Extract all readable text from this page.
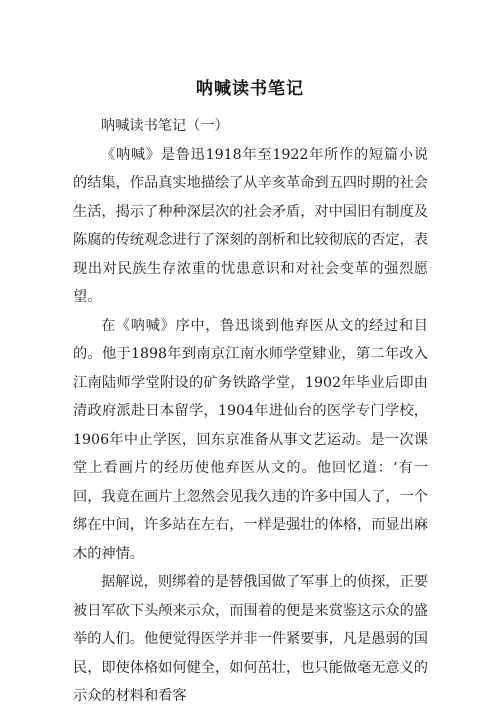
呐喊读书笔记

呐喊读书笔记（一）

《呐喊》是鲁迅1918年至1922年所作的短篇小说的结集，作品真实地描绘了从辛亥革命到五四时期的社会生活，揭示了种种深层次的社会矛盾，对中国旧有制度及陈腐的传统观念进行了深刻的剖析和比较彻底的否定，表现出对民族生存浓重的忧患意识和对社会变革的强烈愿望。

在《呐喊》序中，鲁迅谈到他弃医从文的经过和目的。他于1898年到南京江南水师学堂肄业，第二年改入江南陆师学堂附设的矿务铁路学堂，1902年毕业后即由清政府派赴日本留学，1904年进仙台的医学专门学校，1906年中止学医，回东京准备从事文艺运动。是一次课堂上看画片的经历使他弃医从文的。他回忆道：‘有一回，我竟在画片上忽然会见我久违的许多中国人了，一个绑在中间，许多站在左右，一样是强壮的体格，而显出麻木的神情。

据解说，则绑着的是替俄国做了军事上的侦探，正要被日军砍下头颅来示众，而围着的便是来赏鉴这示众的盛举的人们。他便觉得医学并非一件紧要事，凡是愚弱的国民，即使体格如何健全，如何茁壮，也只能做毫无意义的示众的材料和看客
